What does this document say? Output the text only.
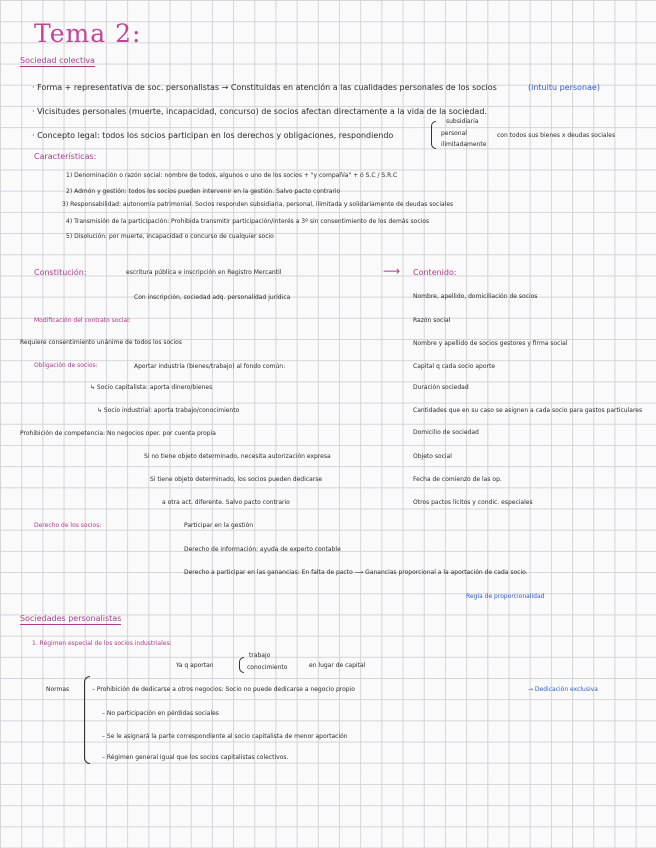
Tema 2:
Sociedad colectiva
· Forma + representativa de soc. personalistas → Constituidas en atención a las cualidades personales de los socios	(intuitu personae)
· Vicisitudes personales (muerte, incapacidad, concurso) de socios afectan directamente a la vida de la sociedad.
· Concepto legal: todos los socios participan en los derechos y obligaciones, respondiendo
subsidiaria
personal
ilimitadamente
con todos sus bienes x deudas sociales
Características:
1) Denominación o razón social: nombre de todos, algunos o uno de los socios + "y compañía" + ó S.C / S.R.C
2) Admón y gestión: todos los socios pueden intervenir en la gestión. Salvo pacto contrario
3) Responsabilidad: autonomía patrimonial. Socios responden subsidiaria, personal, ilimitada y solidariamente de deudas sociales
4) Transmisión de la participación: Prohibida transmitir participación/interés a 3º sin consentimiento de los demás socios
5) Disolución: por muerte, incapacidad o concurso de cualquier socio
Constitución:	escritura pública e inscripción en Registro Mercantil	⟶ Contenido:
Con inscripción, sociedad adq. personalidad jurídica	Nombre, apellido, domiciliación de socios
Modificación del contrato social:	Razón social
Requiere consentimiento unánime de todos los socios	Nombre y apellido de socios gestores y firma social
Obligación de socios:	Aportar industria (bienes/trabajo) al fondo común:	Capital q cada socio aporte
↳ Socio capitalista: aporta dinero/bienes	Duración sociedad
↳ Socio industrial: aporta trabajo/conocimiento	Cantidades que en su caso se asignen a cada socio para gastos particulares
Prohibición de competencia: No negocios oper. por cuenta propia	Domicilio de sociedad
Si no tiene objeto determinado, necesita autorización expresa	Objeto social
Si tiene objeto determinado, los socios pueden dedicarse	Fecha de comienzo de las op.
a otra act. diferente. Salvo pacto contrario	Otros pactos lícitos y condic. especiales
Derecho de los socios:	Participar en la gestión
Derecho de información: ayuda de experto contable
Derecho a participar en las ganancias: En falta de pacto ⟶ Ganancias proporcional a la aportación de cada socio.
Regla de proporcionalidad
Sociedades personalistas
1. Régimen especial de los socios industriales:
Ya q aportan
trabajo
conocimiento	en lugar de capital
Normas	– Prohibición de dedicarse a otros negocios: Socio no puede dedicarse a negocio propio	→ Dedicación exclusiva
– No participación en pérdidas sociales
– Se le asignará la parte correspondiente al socio capitalista de menor aportación
– Régimen general igual que los socios capitalistas colectivos.
